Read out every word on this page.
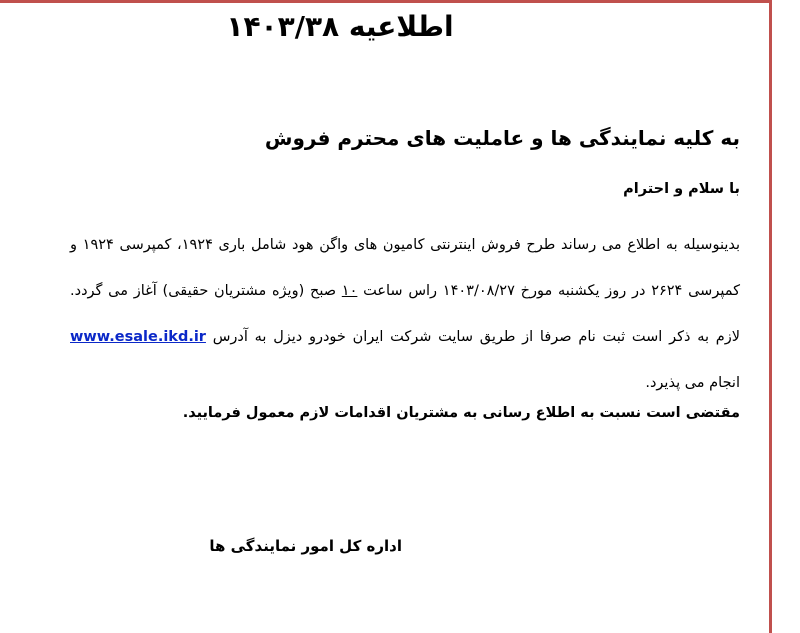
اطلاعیه ۱۴۰۳/۳۸
به کلیه نمایندگی ها و عاملیت های محترم فروش
با سلام و احترام

بدینوسیله به اطلاع می رساند طرح فروش اینترنتی کامیون های واگن هود شامل باری ۱۹۲۴، کمپرسی ۱۹۲۴ و کمپرسی ۲۶۲۴ در روز یکشنبه مورخ ۱۴۰۳/۰۸/۲۷ راس ساعت ۱۰ صبح (ویژه مشتریان حقیقی) آغاز می گردد. لازم به ذکر است ثبت نام صرفا از طریق سایت شرکت ایران خودرو دیزل به آدرس www.esale.ikd.ir انجام می پذیرد.

مقتضی است نسبت به اطلاع رسانی به مشتریان اقدامات لازم معمول فرمایید.
اداره کل امور نمایندگی ها
